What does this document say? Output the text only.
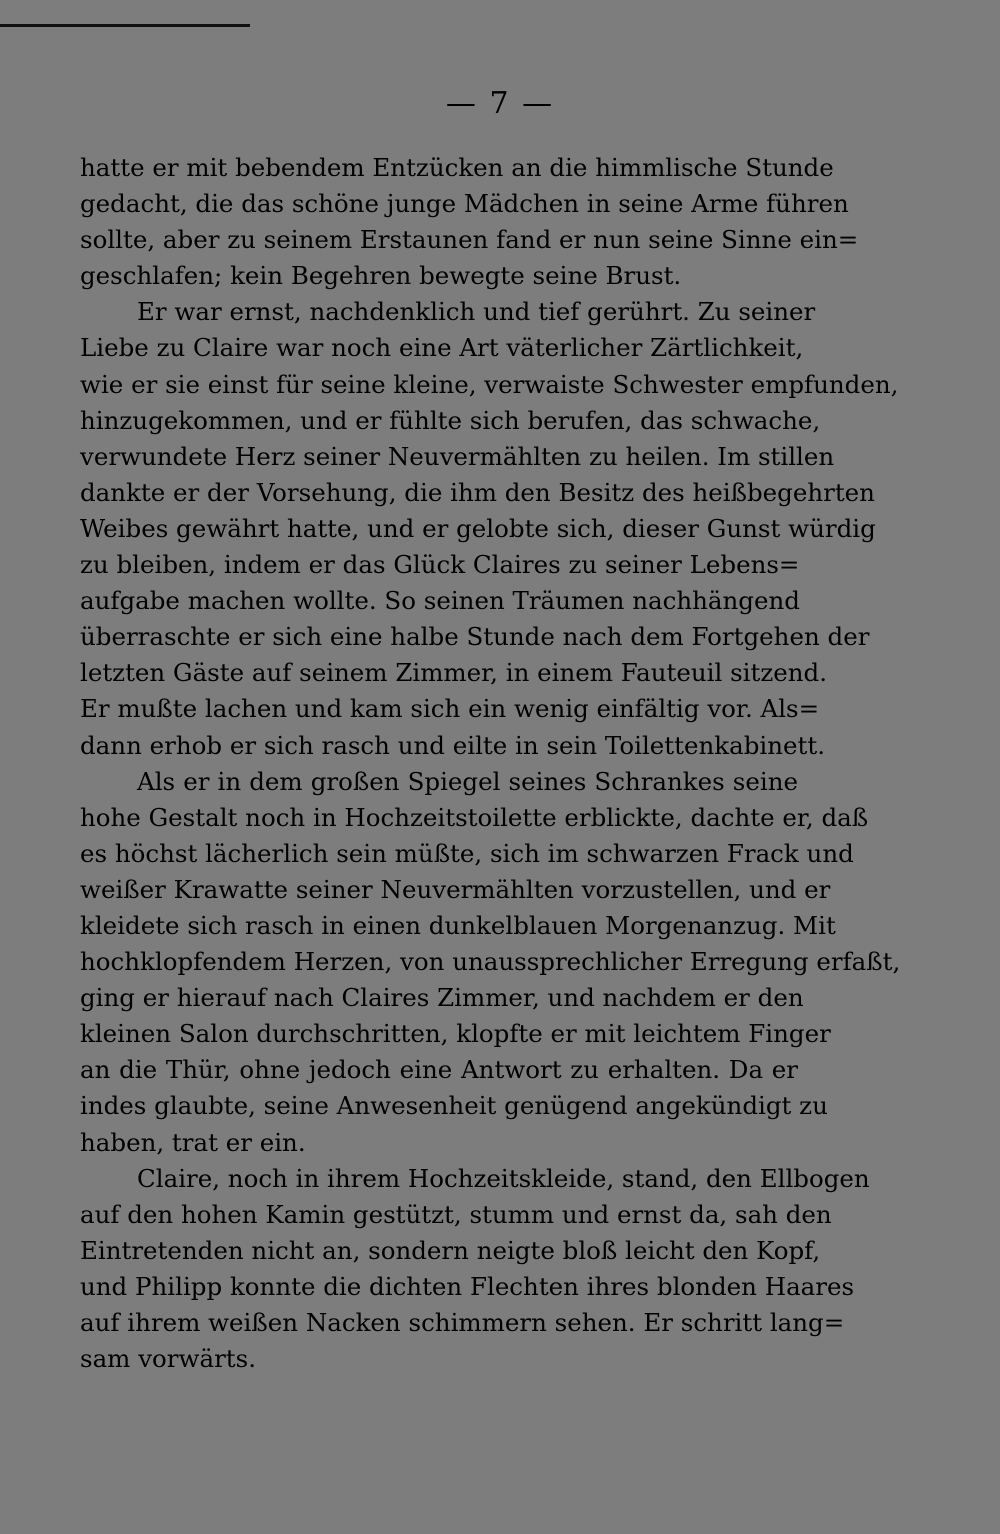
— 7 —
hatte er mit bebendem Entzücken an die himmlische Stunde
gedacht, die das schöne junge Mädchen in seine Arme führen
sollte, aber zu seinem Erstaunen fand er nun seine Sinne ein=
geschlafen; kein Begehren bewegte seine Brust.
Er war ernst, nachdenklich und tief gerührt. Zu seiner
Liebe zu Claire war noch eine Art väterlicher Zärtlichkeit,
wie er sie einst für seine kleine, verwaiste Schwester empfunden,
hinzugekommen, und er fühlte sich berufen, das schwache,
verwundete Herz seiner Neuvermählten zu heilen. Im stillen
dankte er der Vorsehung, die ihm den Besitz des heißbegehrten
Weibes gewährt hatte, und er gelobte sich, dieser Gunst würdig
zu bleiben, indem er das Glück Claires zu seiner Lebens=
aufgabe machen wollte. So seinen Träumen nachhängend
überraschte er sich eine halbe Stunde nach dem Fortgehen der
letzten Gäste auf seinem Zimmer, in einem Fauteuil sitzend.
Er mußte lachen und kam sich ein wenig einfältig vor. Als=
dann erhob er sich rasch und eilte in sein Toilettenkabinett.
Als er in dem großen Spiegel seines Schrankes seine
hohe Gestalt noch in Hochzeitstoilette erblickte, dachte er, daß
es höchst lächerlich sein müßte, sich im schwarzen Frack und
weißer Krawatte seiner Neuvermählten vorzustellen, und er
kleidete sich rasch in einen dunkelblauen Morgenanzug. Mit
hochklopfendem Herzen, von unaussprechlicher Erregung erfaßt,
ging er hierauf nach Claires Zimmer, und nachdem er den
kleinen Salon durchschritten, klopfte er mit leichtem Finger
an die Thür, ohne jedoch eine Antwort zu erhalten. Da er
indes glaubte, seine Anwesenheit genügend angekündigt zu
haben, trat er ein.
Claire, noch in ihrem Hochzeitskleide, stand, den Ellbogen
auf den hohen Kamin gestützt, stumm und ernst da, sah den
Eintretenden nicht an, sondern neigte bloß leicht den Kopf,
und Philipp konnte die dichten Flechten ihres blonden Haares
auf ihrem weißen Nacken schimmern sehen. Er schritt lang=
sam vorwärts.
